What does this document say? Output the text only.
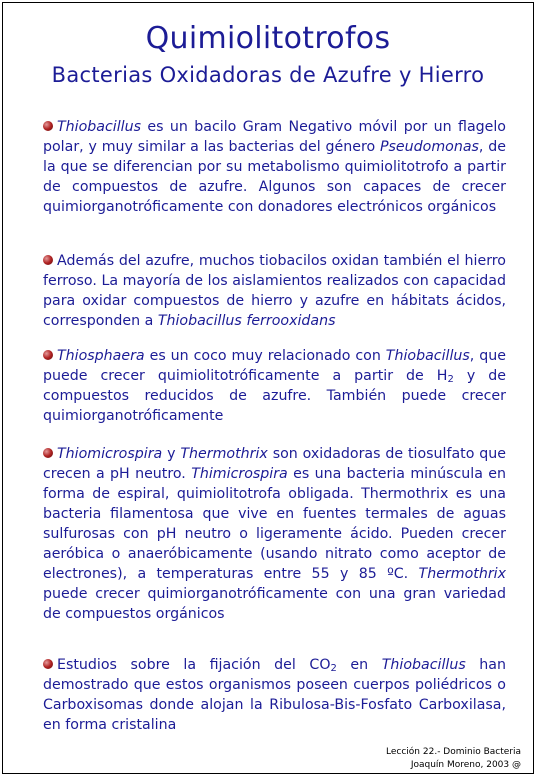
Quimiolitotrofos
Bacterias Oxidadoras de Azufre y Hierro

Thiobacillus es un bacilo Gram Negativo móvil por un flagelo polar, y muy similar a las bacterias del género Pseudomonas, de la que se diferencian por su metabolismo quimiolitotrofo a partir de compuestos de azufre. Algunos son capaces de crecer quimiorganotróficamente con donadores electrónicos orgánicos

Además del azufre, muchos tiobacilos oxidan también el hierro ferroso. La mayoría de los aislamientos realizados con capacidad para oxidar compuestos de hierro y azufre en hábitats ácidos, corresponden a Thiobacillus ferrooxidans

Thiosphaera es un coco muy relacionado con Thiobacillus, que puede crecer quimiolitotróficamente a partir de $H_2$ y de compuestos reducidos de azufre. También puede crecer quimiorganotróficamente

Thiomicrospira y Thermothrix son oxidadoras de tiosulfato que crecen a pH neutro. Thimicrospira es una bacteria minúscula en forma de espiral, quimiolitotrofa obligada. Thermothrix es una bacteria filamentosa que vive en fuentes termales de aguas sulfurosas con pH neutro o ligeramente ácido. Pueden crecer aeróbica o anaeróbicamente (usando nitrato como aceptor de electrones), a temperaturas entre 55 y 85 ºC. Thermothrix puede crecer quimiorganotróficamente con una gran variedad de compuestos orgánicos

Estudios sobre la fijación del $CO_2$ en Thiobacillus han demostrado que estos organismos poseen cuerpos poliédricos o Carboxisomas donde alojan la Ribulosa-Bis-Fosfato Carboxilasa, en forma cristalina

Lección 22.- Dominio Bacteria
Joaquín Moreno, 2003 @
